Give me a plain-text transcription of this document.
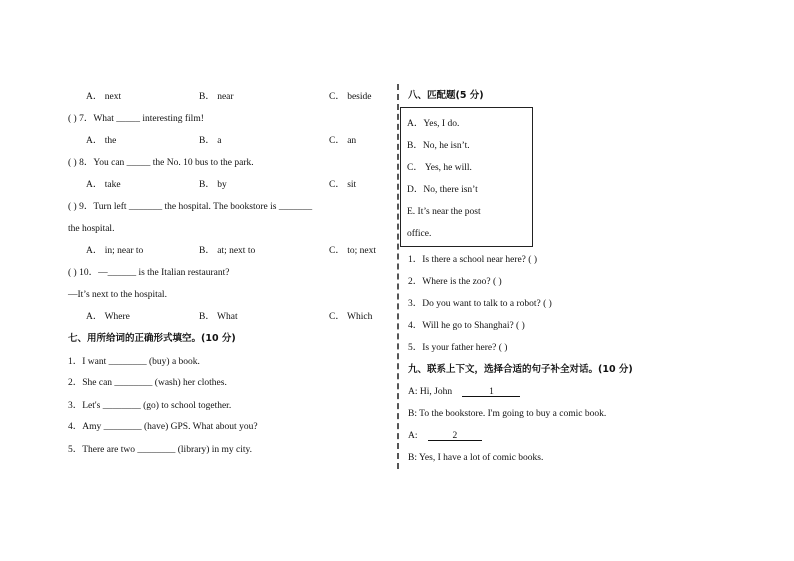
A． next	B． near	C． beside
( ) 7．What _____ interesting film!
A． the	B． a	C． an
( ) 8．You can _____ the No. 10 bus to the park.
A． take	B． by	C． sit
( ) 9．Turn left _______ the hospital. The bookstore is _______
the hospital.
A． in; near to	B． at; next to	C． to; next
( ) 10．—______ is the Italian restaurant?
—It’s next to the hospital.
A． Where	B． What	C． Which
七、用所给词的正确形式填空。(10 分)
1．I want ________ (buy) a book.
2．She can ________ (wash) her clothes.
3．Let's ________ (go) to school together.
4．Amy ________ (have) GPS. What about you?
5．There are two ________ (library) in my city.
八、匹配题(5 分)
A．Yes, I do.
B．No, he isn’t.
C． Yes, he will.
D．No, there isn’t
E. It’s near the post
office.
1．Is there a school near here? ( )
2．Where is the zoo? ( )
3．Do you want to talk to a robot? ( )
4．Will he go to Shanghai? ( )
5．Is your father here? ( )
九、联系上下文，选择合适的句子补全对话。(10 分)
A: Hi, John	1
B: To the bookstore. I'm going to buy a comic book.
A:	2
B: Yes, I have a lot of comic books.
